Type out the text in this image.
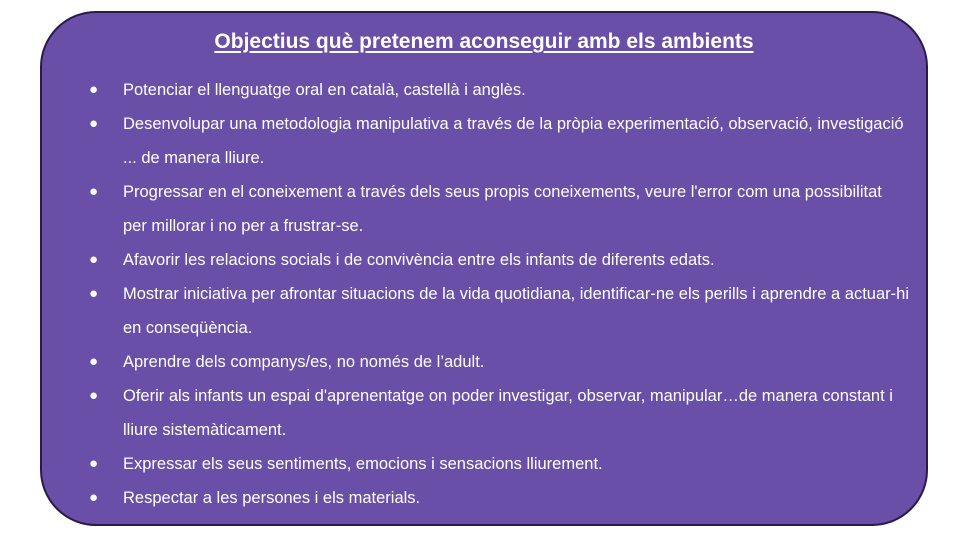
Objectius què pretenem aconseguir amb els ambients
● Potenciar el llenguatge oral en català, castellà i anglès.
● Desenvolupar una metodologia manipulativa a través de la pròpia experimentació, observació, investigació ... de manera lliure.
● Progressar en el coneixement a través dels seus propis coneixements, veure l'error com una possibilitat per millorar i no per a frustrar-se.
● Afavorir les relacions socials i de convivència entre els infants de diferents edats.
● Mostrar iniciativa per afrontar situacions de la vida quotidiana, identificar-ne els perills i aprendre a actuar-hi en conseqüència.
● Aprendre dels companys/es, no només de l’adult.
● Oferir als infants un espai d'aprenentatge on poder investigar, observar, manipular…de manera constant i lliure sistemàticament.
● Expressar els seus sentiments, emocions i sensacions lliurement.
● Respectar a les persones i els materials.
